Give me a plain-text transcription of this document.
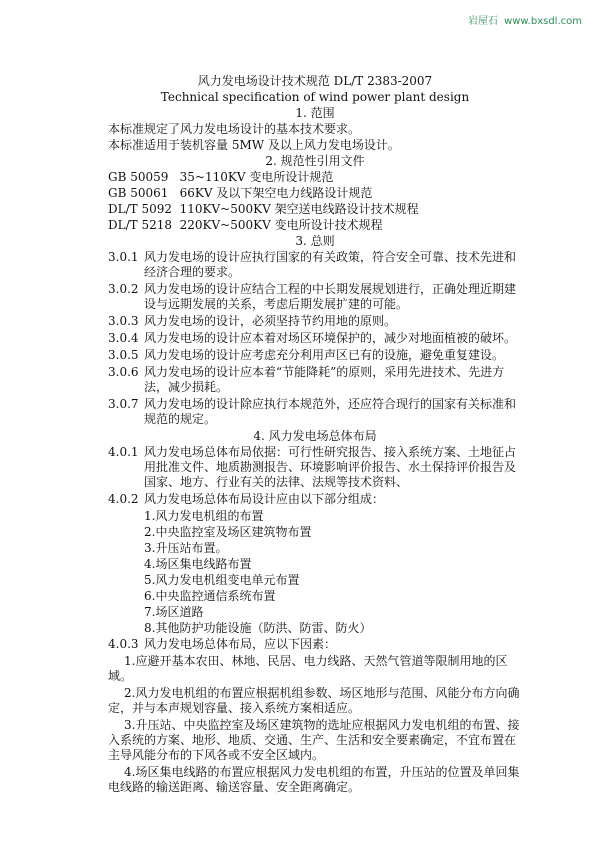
岩屋石 www.bxsdl.com
风力发电场设计技术规范 DL/T 2383-2007
Technical specification of wind power plant design
1. 范围
本标准规定了风力发电场设计的基本技术要求。
本标准适用于装机容量 5MW 及以上风力发电场设计。
2. 规范性引用文件
GB 50059
35~110KV 变电所设计规范
GB 50061
66KV 及以下架空电力线路设计规范
DL/T 5092
110KV~500KV 架空送电线路设计技术规程
DL/T 5218
220KV~500KV 变电所设计技术规程
3. 总则
3.0.1 风力发电场的设计应执行国家的有关政策，符合安全可靠、技术先进和经济合理的要求。
3.0.2 风力发电场的设计应结合工程的中长期发展规划进行，正确处理近期建设与远期发展的关系，考虑后期发展扩建的可能。
3.0.3 风力发电场的设计，必须坚持节约用地的原则。
3.0.4 风力发电场的设计应本着对场区环境保护的，减少对地面植被的破坏。
3.0.5 风力发电场的设计应考虑充分利用声区已有的设施，避免重复建设。
3.0.6 风力发电场的设计应本着“节能降耗”的原则，采用先进技术、先进方法，减少损耗。
3.0.7 风力发电场的设计除应执行本规范外，还应符合现行的国家有关标准和规范的规定。
4. 风力发电场总体布局
4.0.1 风力发电场总体布局依据：可行性研究报告、接入系统方案、土地征占用批准文件、地质勘测报告、环境影响评价报告、水土保持评价报告及国家、地方、行业有关的法律、法规等技术资料、
4.0.2 风力发电场总体布局设计应由以下部分组成：
1.风力发电机组的布置
2.中央监控室及场区建筑物布置
3.升压站布置。
4.场区集电线路布置
5.风力发电机组变电单元布置
6.中央监控通信系统布置
7.场区道路
8.其他防护功能设施（防洪、防雷、防火）
4.0.3 风力发电场总体布局，应以下因素：
1.应避开基本农田、林地、民居、电力线路、天然气管道等限制用地的区域。
2.风力发电机组的布置应根据机组参数、场区地形与范围、风能分布方向确定，并与本声规划容量、接入系统方案相适应。
3.升压站、中央监控室及场区建筑物的选址应根据风力发电机组的布置、接入系统的方案、地形、地质、交通、生产、生活和安全要素确定，不宜布置在主导风能分布的下风各或不安全区域内。
4.场区集电线路的布置应根据风力发电机组的布置，升压站的位置及单回集电线路的输送距离、输送容量、安全距离确定。
